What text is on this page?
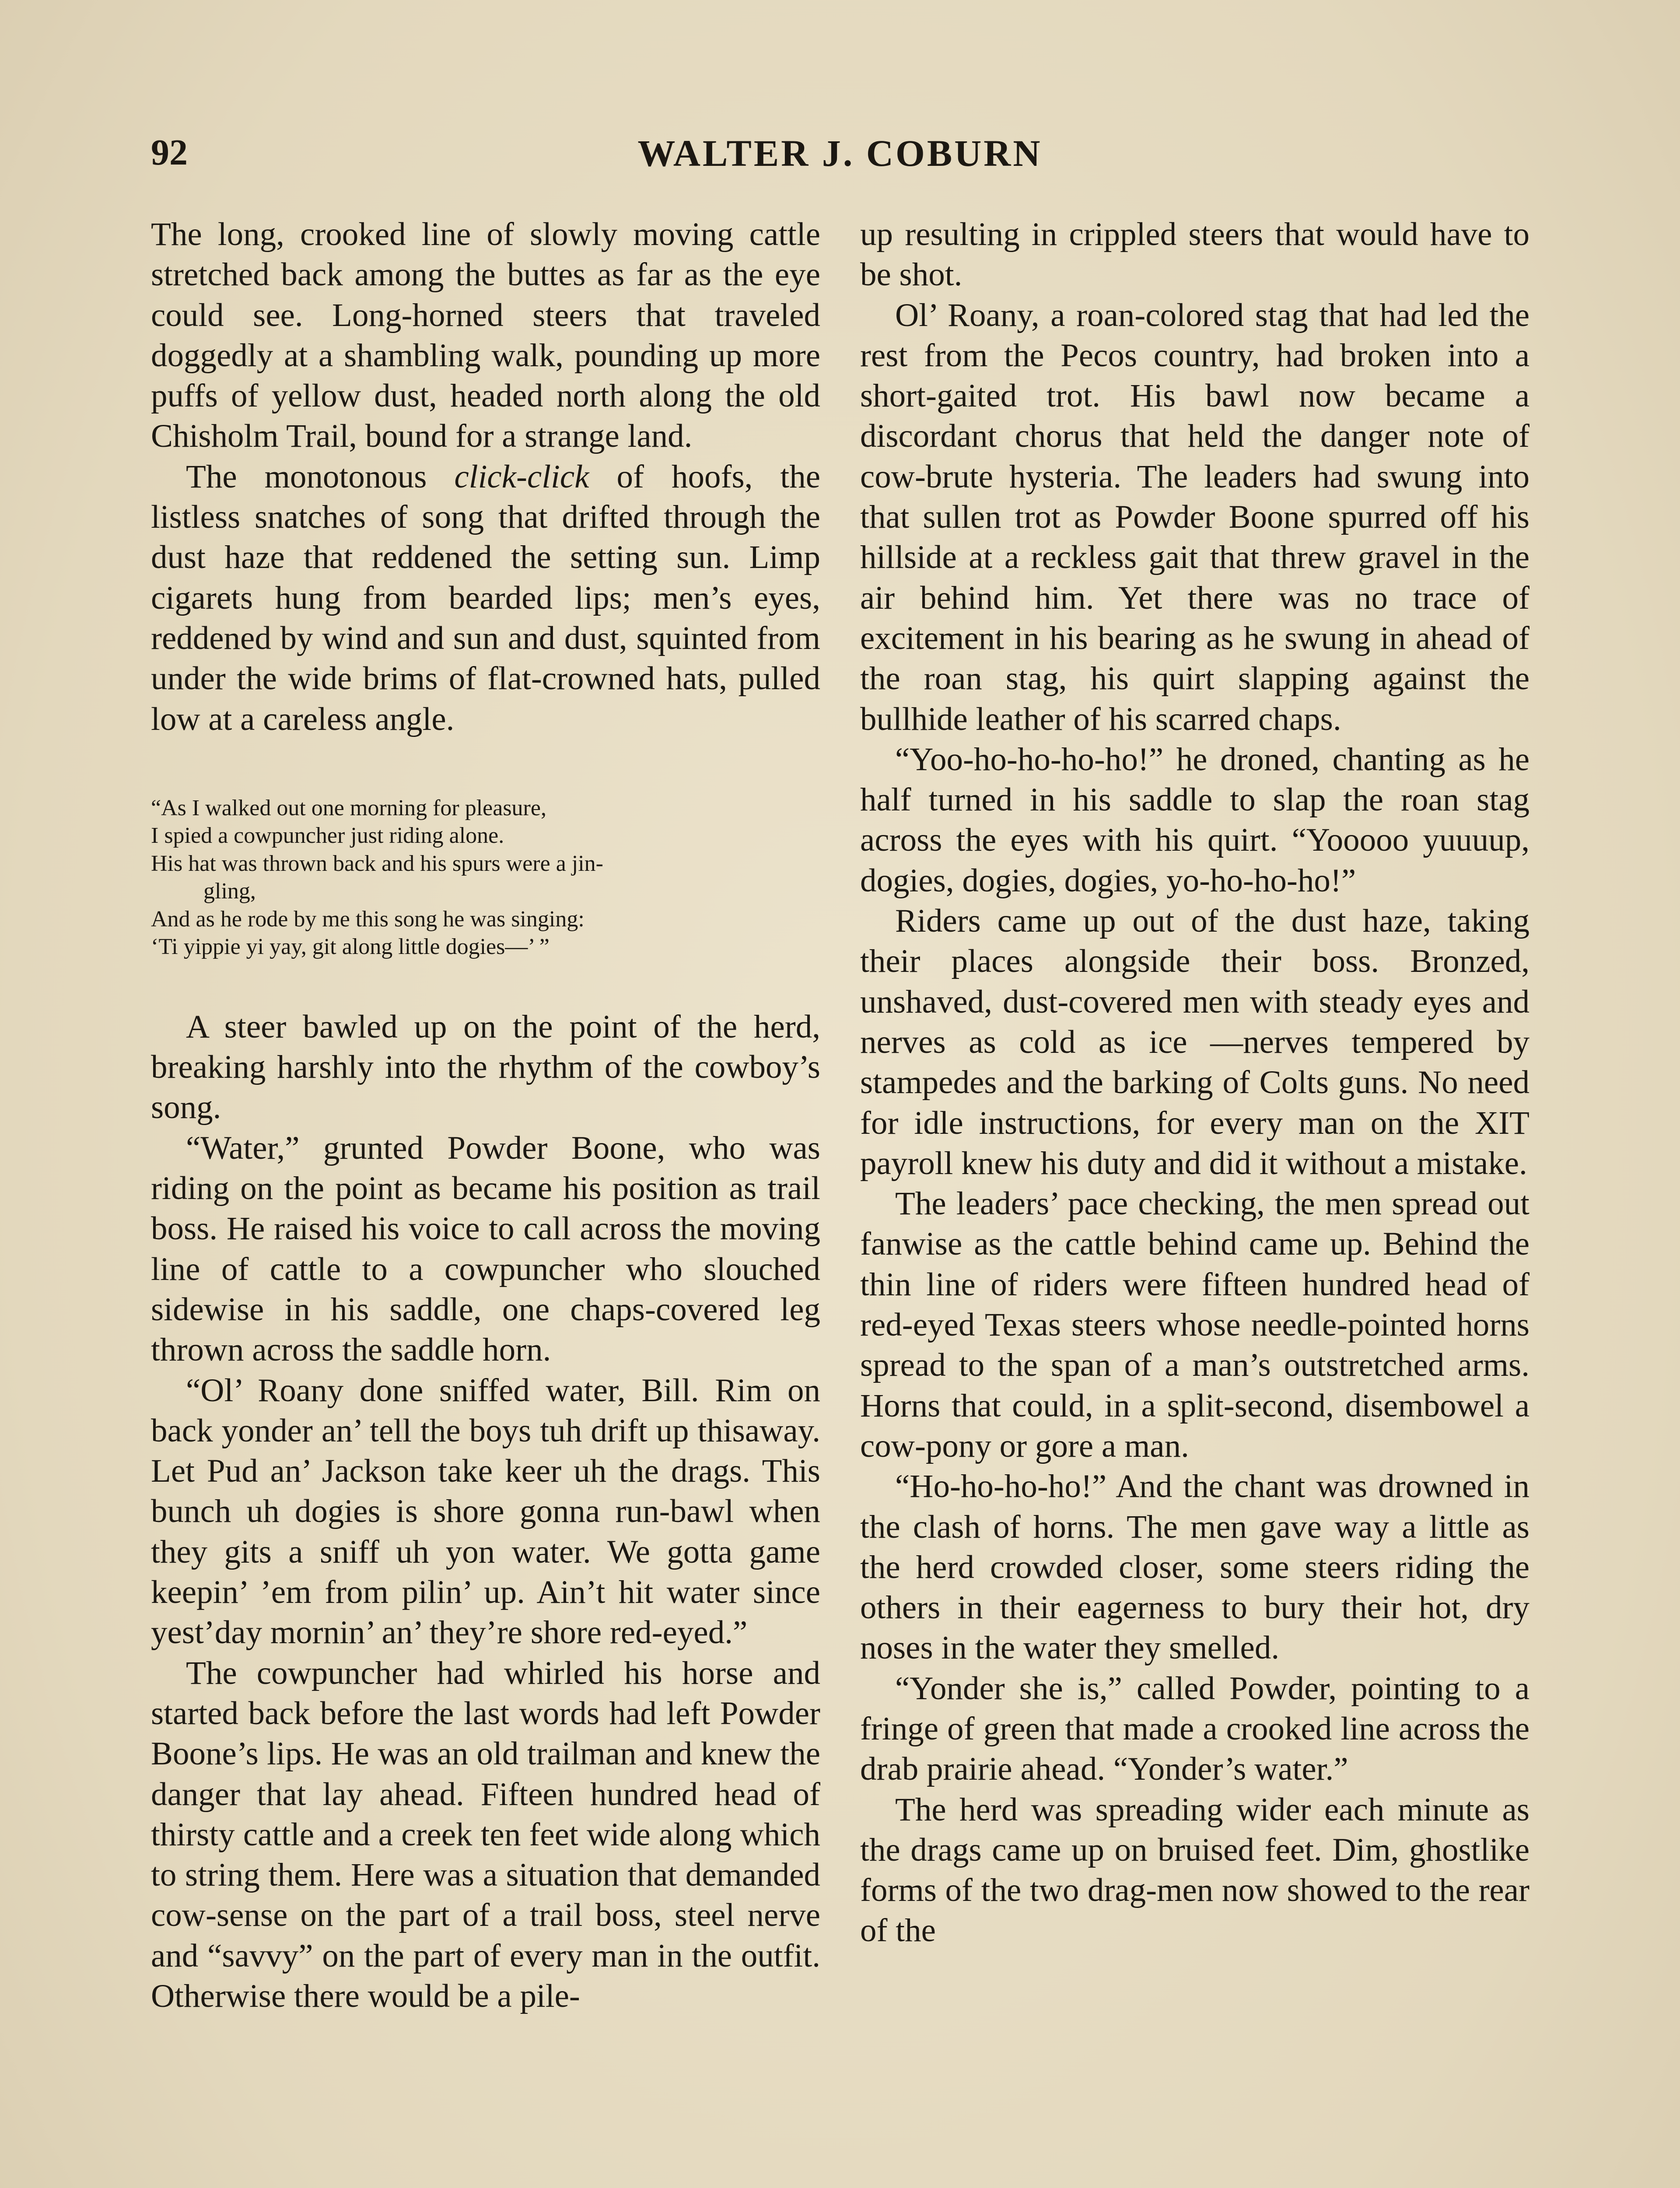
92	WALTER J. COBURN

The long, crooked line of slowly moving cattle stretched back among the buttes as far as the eye could see. Long-horned steers that traveled doggedly at a shambling walk, pounding up more puffs of yellow dust, headed north along the old Chisholm Trail, bound for a strange land.

The monotonous click-click of hoofs, the listless snatches of song that drifted through the dust haze that reddened the setting sun. Limp cigarets hung from bearded lips; men’s eyes, reddened by wind and sun and dust, squinted from under the wide brims of flat-crowned hats, pulled low at a careless angle.

“As I walked out one morning for pleasure,
I spied a cowpuncher just riding alone.
His hat was thrown back and his spurs were a jin-
gling,
And as he rode by me this song he was singing:
‘Ti yippie yi yay, git along little dogies—’ ”

A steer bawled up on the point of the herd, breaking harshly into the rhythm of the cowboy’s song.

“Water,” grunted Powder Boone, who was riding on the point as became his position as trail boss. He raised his voice to call across the moving line of cattle to a cowpuncher who slouched sidewise in his saddle, one chaps-covered leg thrown across the saddle horn.

“Ol’ Roany done sniffed water, Bill. Rim on back yonder an’ tell the boys tuh drift up thisaway. Let Pud an’ Jackson take keer uh the drags. This bunch uh dogies is shore gonna run-bawl when they gits a sniff uh yon water. We gotta game keepin’ ’em from pilin’ up. Ain’t hit water since yest’day mornin’ an’ they’re shore red-eyed.”

The cowpuncher had whirled his horse and started back before the last words had left Powder Boone’s lips. He was an old trailman and knew the danger that lay ahead. Fifteen hundred head of thirsty cattle and a creek ten feet wide along which to string them. Here was a situation that demanded cow-sense on the part of a trail boss, steel nerve and “savvy” on the part of every man in the outfit. Otherwise there would be a pile-

up resulting in crippled steers that would have to be shot.

Ol’ Roany, a roan-colored stag that had led the rest from the Pecos country, had broken into a short-gaited trot. His bawl now became a discordant chorus that held the danger note of cow-brute hysteria. The leaders had swung into that sullen trot as Powder Boone spurred off his hillside at a reckless gait that threw gravel in the air behind him. Yet there was no trace of excitement in his bearing as he swung in ahead of the roan stag, his quirt slapping against the bullhide leather of his scarred chaps.

“Yoo-ho-ho-ho-ho!” he droned, chanting as he half turned in his saddle to slap the roan stag across the eyes with his quirt. “Yooooo yuuuup, dogies, dogies, dogies, yo-ho-ho-ho!”

Riders came up out of the dust haze, taking their places alongside their boss. Bronzed, unshaved, dust-covered men with steady eyes and nerves as cold as ice —nerves tempered by stampedes and the barking of Colts guns. No need for idle instructions, for every man on the XIT payroll knew his duty and did it without a mistake.

The leaders’ pace checking, the men spread out fanwise as the cattle behind came up. Behind the thin line of riders were fifteen hundred head of red-eyed Texas steers whose needle-pointed horns spread to the span of a man’s outstretched arms. Horns that could, in a split-second, disembowel a cow-pony or gore a man.

“Ho-ho-ho-ho!” And the chant was drowned in the clash of horns. The men gave way a little as the herd crowded closer, some steers riding the others in their eagerness to bury their hot, dry noses in the water they smelled.

“Yonder she is,” called Powder, pointing to a fringe of green that made a crooked line across the drab prairie ahead. “Yonder’s water.”

The herd was spreading wider each minute as the drags came up on bruised feet. Dim, ghostlike forms of the two drag-men now showed to the rear of the
